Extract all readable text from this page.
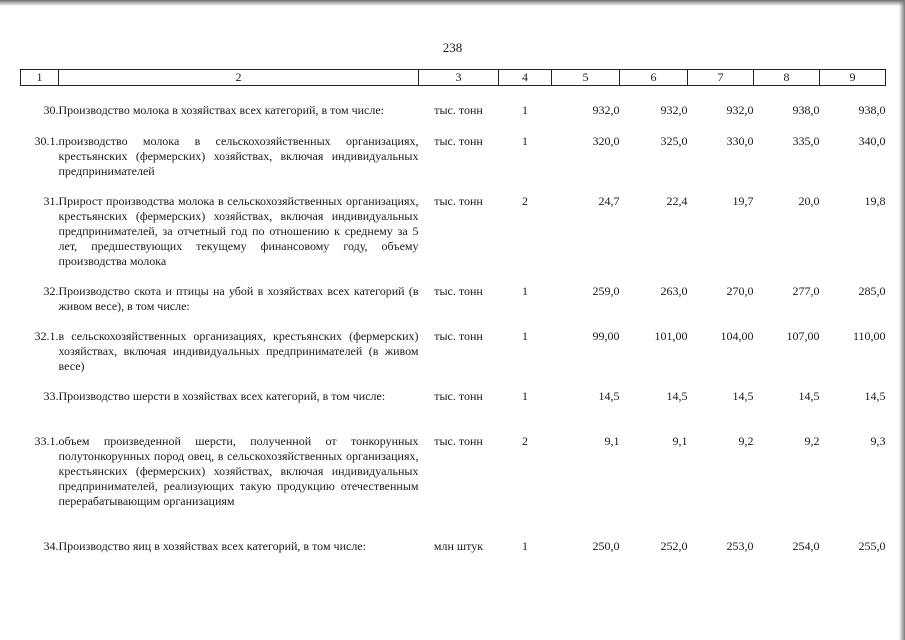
238
1	2	3	4	5	6	7	8	9
30.	Производство молока в хозяйствах всех категорий, в том числе:	тыс. тонн	1	932,0	932,0	932,0	938,0	938,0
30.1.	производство молока в сельскохозяйственных организациях, крестьянских (фермерских) хозяйствах, включая индивидуальных предпринимателей	тыс. тонн	1	320,0	325,0	330,0	335,0	340,0
31.	Прирост производства молока в сельскохозяйственных организациях, крестьянских (фермерских) хозяйствах, включая индивидуальных предпринимателей, за отчетный год по отношению к среднему за 5 лет, предшествующих текущему финансовому году, объему производства молока	тыс. тонн	2	24,7	22,4	19,7	20,0	19,8
32.	Производство скота и птицы на убой в хозяйствах всех категорий (в живом весе), в том числе:	тыс. тонн	1	259,0	263,0	270,0	277,0	285,0
32.1.	в сельскохозяйственных организациях, крестьянских (фермерских) хозяйствах, включая индивидуальных предпринимателей (в живом весе)	тыс. тонн	1	99,00	101,00	104,00	107,00	110,00
33.	Производство шерсти в хозяйствах всех категорий, в том числе:	тыс. тонн	1	14,5	14,5	14,5	14,5	14,5
33.1.	объем произведенной шерсти, полученной от тонкорунных полутонкорунных пород овец, в сельскохозяйственных организациях, крестьянских (фермерских) хозяйствах, включая индивидуальных предпринимателей, реализующих такую продукцию отечественным перерабатывающим организациям	тыс. тонн	2	9,1	9,1	9,2	9,2	9,3
34.	Производство яиц в хозяйствах всех категорий, в том числе:	млн штук	1	250,0	252,0	253,0	254,0	255,0
